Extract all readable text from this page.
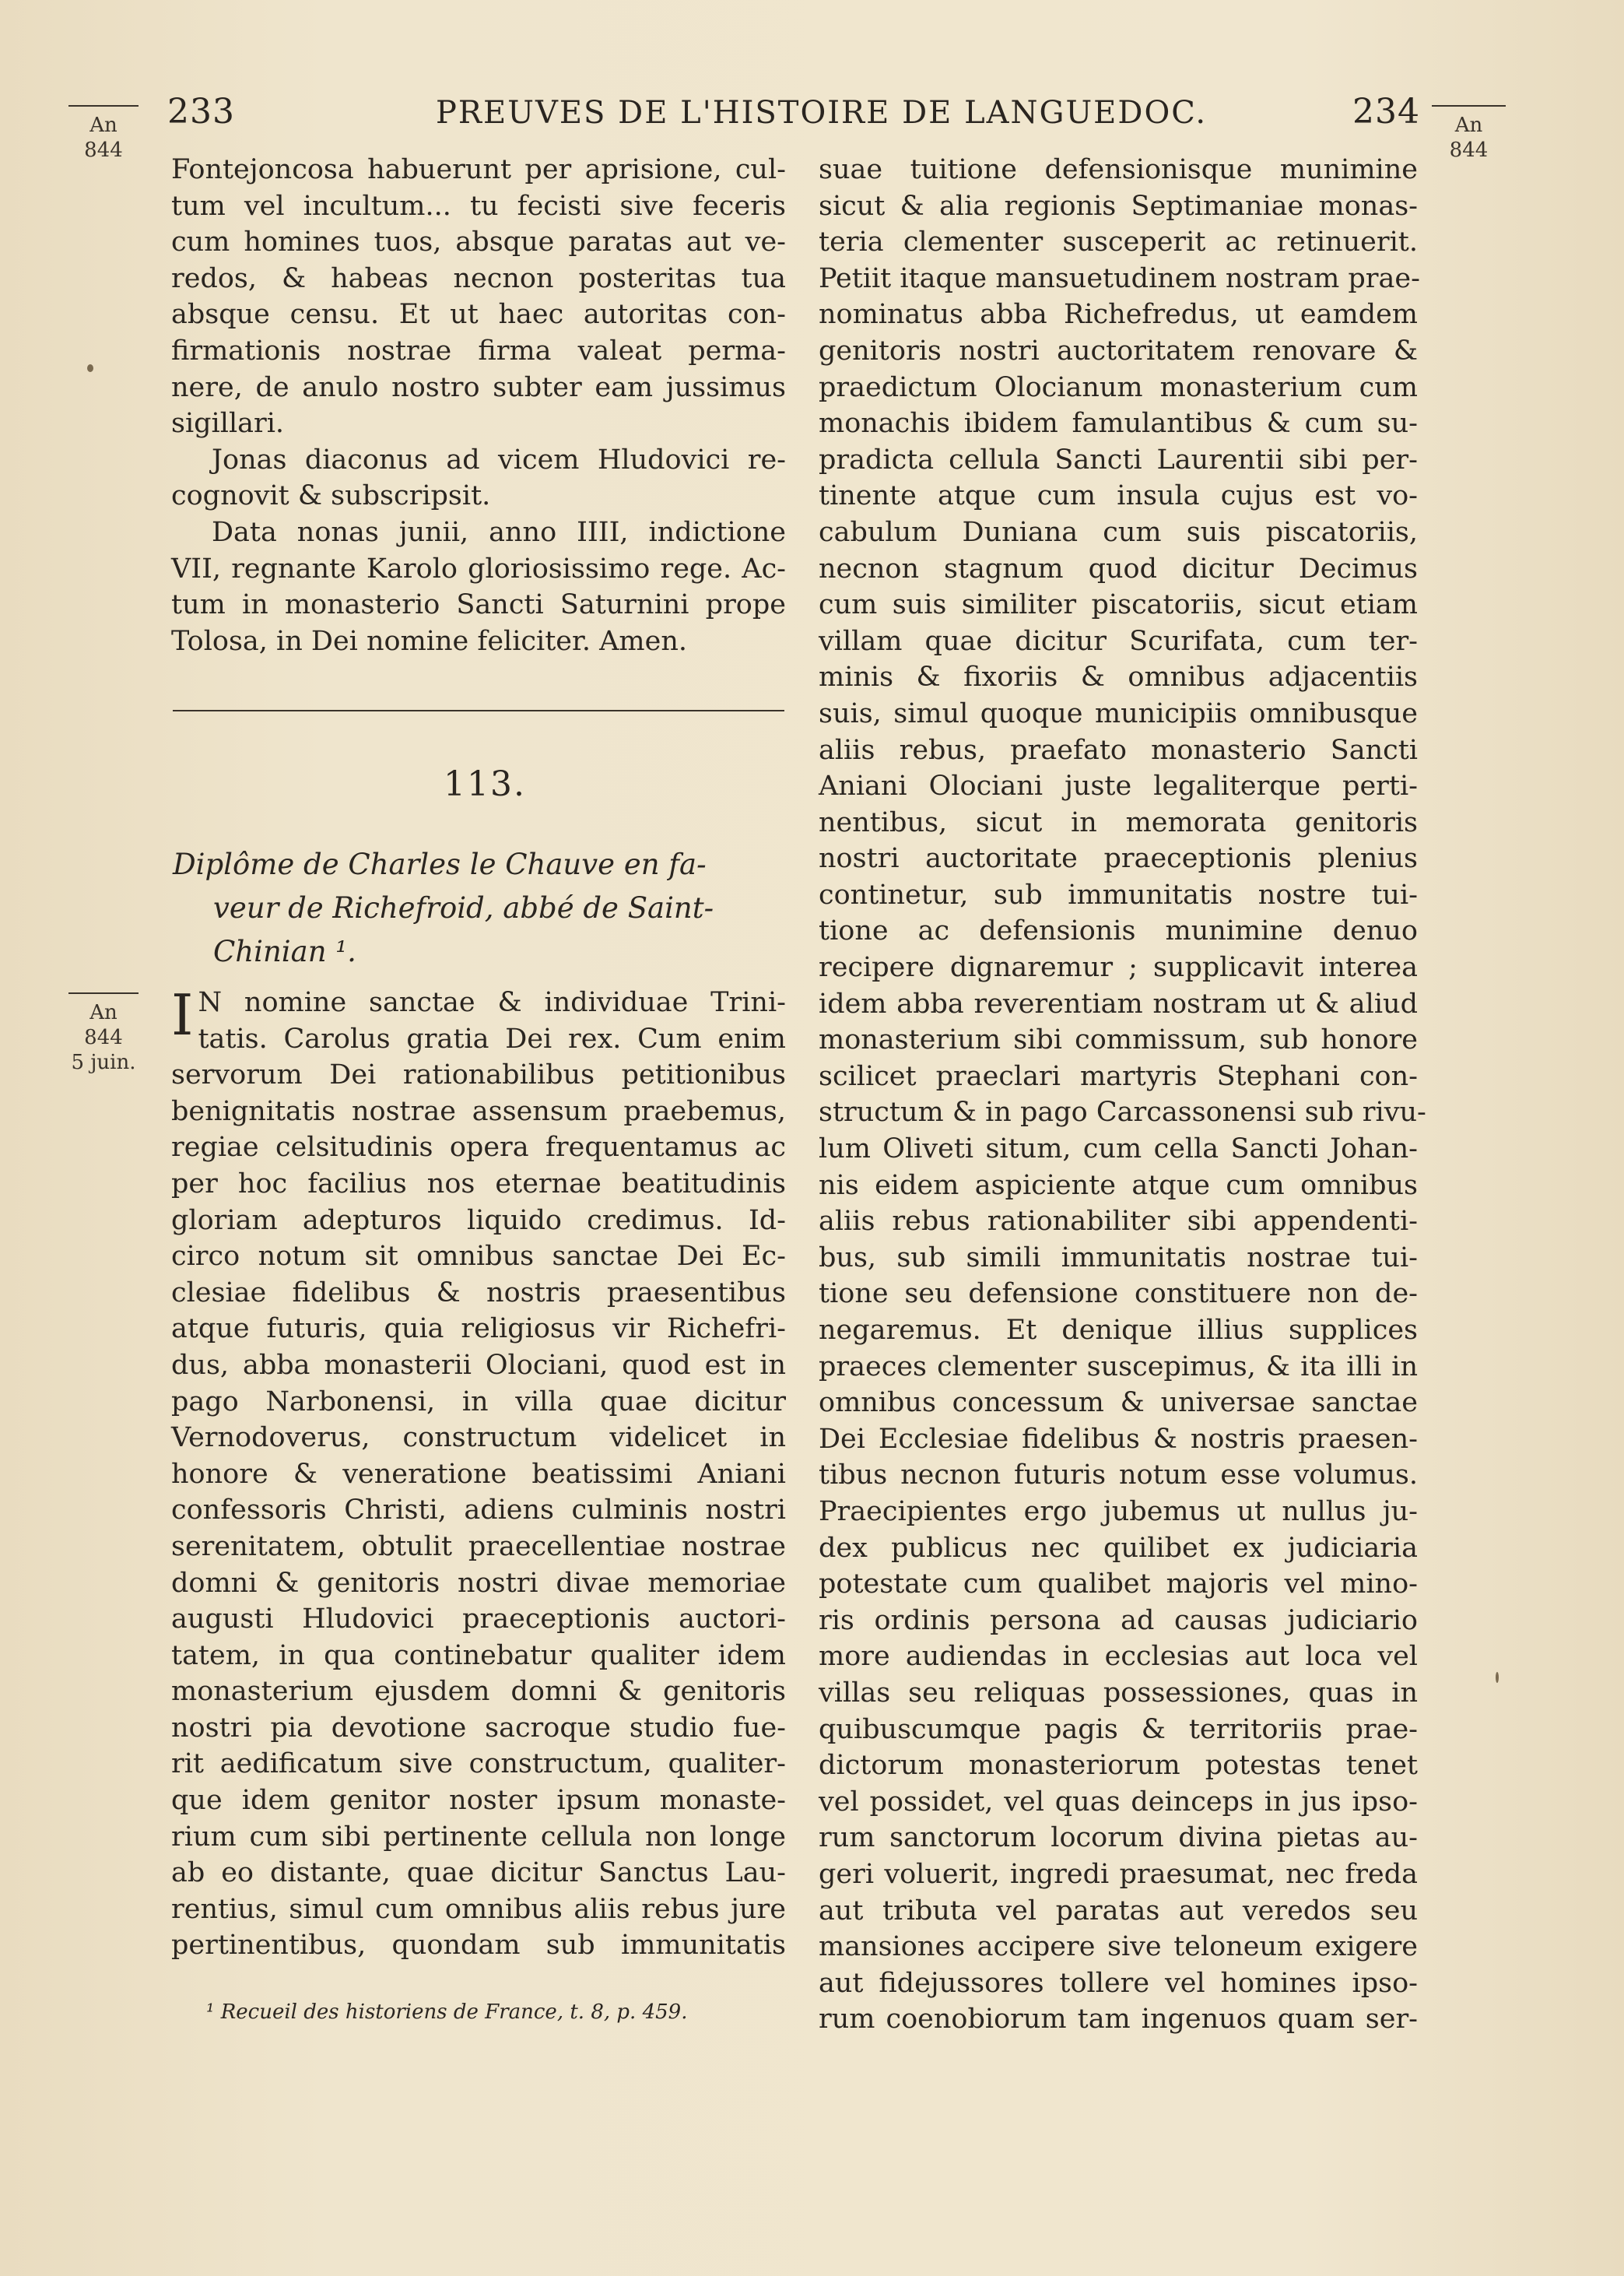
233	PREUVES DE L'HISTOIRE DE LANGUEDOC.	234
An
844
An
844
An
844
5 juin.
Fontejoncosa habuerunt per aprisione, cul-
tum vel incultum... tu fecisti sive feceris
cum homines tuos, absque paratas aut ve-
redos, & habeas necnon posteritas tua
absque censu. Et ut haec autoritas con-
firmationis nostrae firma valeat perma-
nere, de anulo nostro subter eam jussimus
sigillari.
Jonas diaconus ad vicem Hludovici re-
cognovit & subscripsit.
Data nonas junii, anno IIII, indictione
VII, regnante Karolo gloriosissimo rege. Ac-
tum in monasterio Sancti Saturnini prope
Tolosa, in Dei nomine feliciter. Amen.
113.
Diplôme de Charles le Chauve en fa-
veur de Richefroid, abbé de Saint-
Chinian ¹.
I N nomine sanctae & individuae Trini-
tatis. Carolus gratia Dei rex. Cum enim
servorum Dei rationabilibus petitionibus
benignitatis nostrae assensum praebemus,
regiae celsitudinis opera frequentamus ac
per hoc facilius nos eternae beatitudinis
gloriam adepturos liquido credimus. Id-
circo notum sit omnibus sanctae Dei Ec-
clesiae fidelibus & nostris praesentibus
atque futuris, quia religiosus vir Richefri-
dus, abba monasterii Olociani, quod est in
pago Narbonensi, in villa quae dicitur
Vernodoverus, constructum videlicet in
honore & veneratione beatissimi Aniani
confessoris Christi, adiens culminis nostri
serenitatem, obtulit praecellentiae nostrae
domni & genitoris nostri divae memoriae
augusti Hludovici praeceptionis auctori-
tatem, in qua continebatur qualiter idem
monasterium ejusdem domni & genitoris
nostri pia devotione sacroque studio fue-
rit aedificatum sive constructum, qualiter-
que idem genitor noster ipsum monaste-
rium cum sibi pertinente cellula non longe
ab eo distante, quae dicitur Sanctus Lau-
rentius, simul cum omnibus aliis rebus jure
pertinentibus, quondam sub immunitatis
¹ Recueil des historiens de France, t. 8, p. 459.
suae tuitione defensionisque munimine
sicut & alia regionis Septimaniae monas-
teria clementer susceperit ac retinuerit.
Petiit itaque mansuetudinem nostram prae-
nominatus abba Richefredus, ut eamdem
genitoris nostri auctoritatem renovare &
praedictum Olocianum monasterium cum
monachis ibidem famulantibus & cum su-
pradicta cellula Sancti Laurentii sibi per-
tinente atque cum insula cujus est vo-
cabulum Duniana cum suis piscatoriis,
necnon stagnum quod dicitur Decimus
cum suis similiter piscatoriis, sicut etiam
villam quae dicitur Scurifata, cum ter-
minis & fixoriis & omnibus adjacentiis
suis, simul quoque municipiis omnibusque
aliis rebus, praefato monasterio Sancti
Aniani Olociani juste legaliterque perti-
nentibus, sicut in memorata genitoris
nostri auctoritate praeceptionis plenius
continetur, sub immunitatis nostre tui-
tione ac defensionis munimine denuo
recipere dignaremur ; supplicavit interea
idem abba reverentiam nostram ut & aliud
monasterium sibi commissum, sub honore
scilicet praeclari martyris Stephani con-
structum & in pago Carcassonensi sub rivu-
lum Oliveti situm, cum cella Sancti Johan-
nis eidem aspiciente atque cum omnibus
aliis rebus rationabiliter sibi appendenti-
bus, sub simili immunitatis nostrae tui-
tione seu defensione constituere non de-
negaremus. Et denique illius supplices
praeces clementer suscepimus, & ita illi in
omnibus concessum & universae sanctae
Dei Ecclesiae fidelibus & nostris praesen-
tibus necnon futuris notum esse volumus.
Praecipientes ergo jubemus ut nullus ju-
dex publicus nec quilibet ex judiciaria
potestate cum qualibet majoris vel mino-
ris ordinis persona ad causas judiciario
more audiendas in ecclesias aut loca vel
villas seu reliquas possessiones, quas in
quibuscumque pagis & territoriis prae-
dictorum monasteriorum potestas tenet
vel possidet, vel quas deinceps in jus ipso-
rum sanctorum locorum divina pietas au-
geri voluerit, ingredi praesumat, nec freda
aut tributa vel paratas aut veredos seu
mansiones accipere sive teloneum exigere
aut fidejussores tollere vel homines ipso-
rum coenobiorum tam ingenuos quam ser-
